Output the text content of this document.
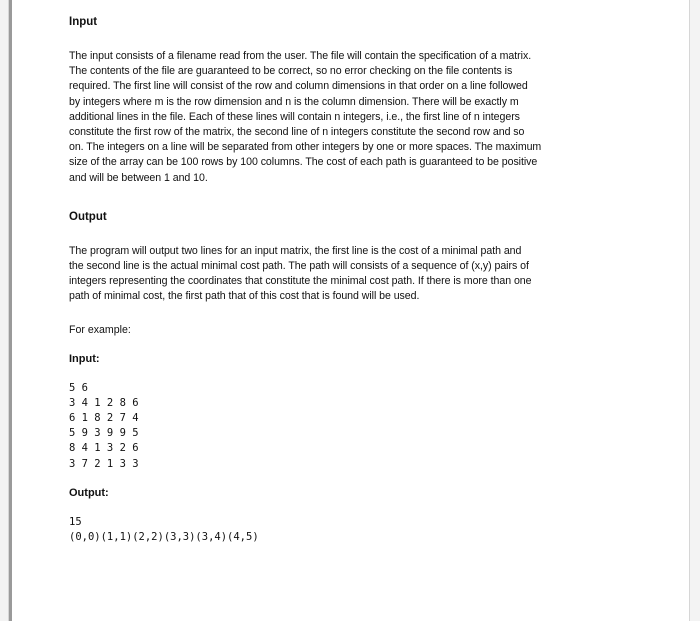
Input

The input consists of a filename read from the user. The file will contain the specification of a matrix.

The contents of the file are guaranteed to be correct, so no error checking on the file contents is

required. The first line will consist of the row and column dimensions in that order on a line followed

by integers where m is the row dimension and n is the column dimension. There will be exactly m

additional lines in the file. Each of these lines will contain n integers, i.e., the first line of n integers

constitute the first row of the matrix, the second line of n integers constitute the second row and so

on. The integers on a line will be separated from other integers by one or more spaces. The maximum

size of the array can be 100 rows by 100 columns. The cost of each path is guaranteed to be positive

and will be between 1 and 10.

Output

The program will output two lines for an input matrix, the first line is the cost of a minimal path and

the second line is the actual minimal cost path. The path will consists of a sequence of (x,y) pairs of

integers representing the coordinates that constitute the minimal cost path. If there is more than one

path of minimal cost, the first path that of this cost that is found will be used.

For example:

Input:

5 6

3 4 1 2 8 6

6 1 8 2 7 4

5 9 3 9 9 5

8 4 1 3 2 6

3 7 2 1 3 3

Output:

15

(0,0)(1,1)(2,2)(3,3)(3,4)(4,5)
